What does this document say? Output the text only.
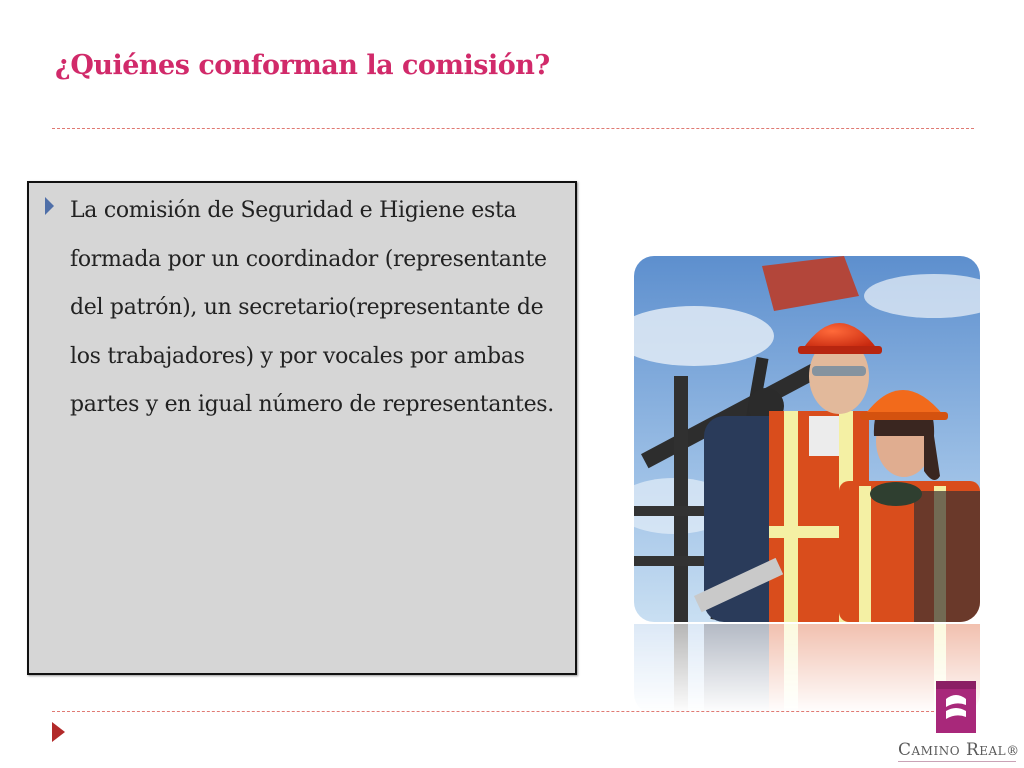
¿Quiénes conforman la comisión?
La comisión de Seguridad e Higiene esta formada por un coordinador (representante del patrón), un secretario(representante de los trabajadores) y por vocales por ambas partes y en igual número de representantes.
Camino Real®
